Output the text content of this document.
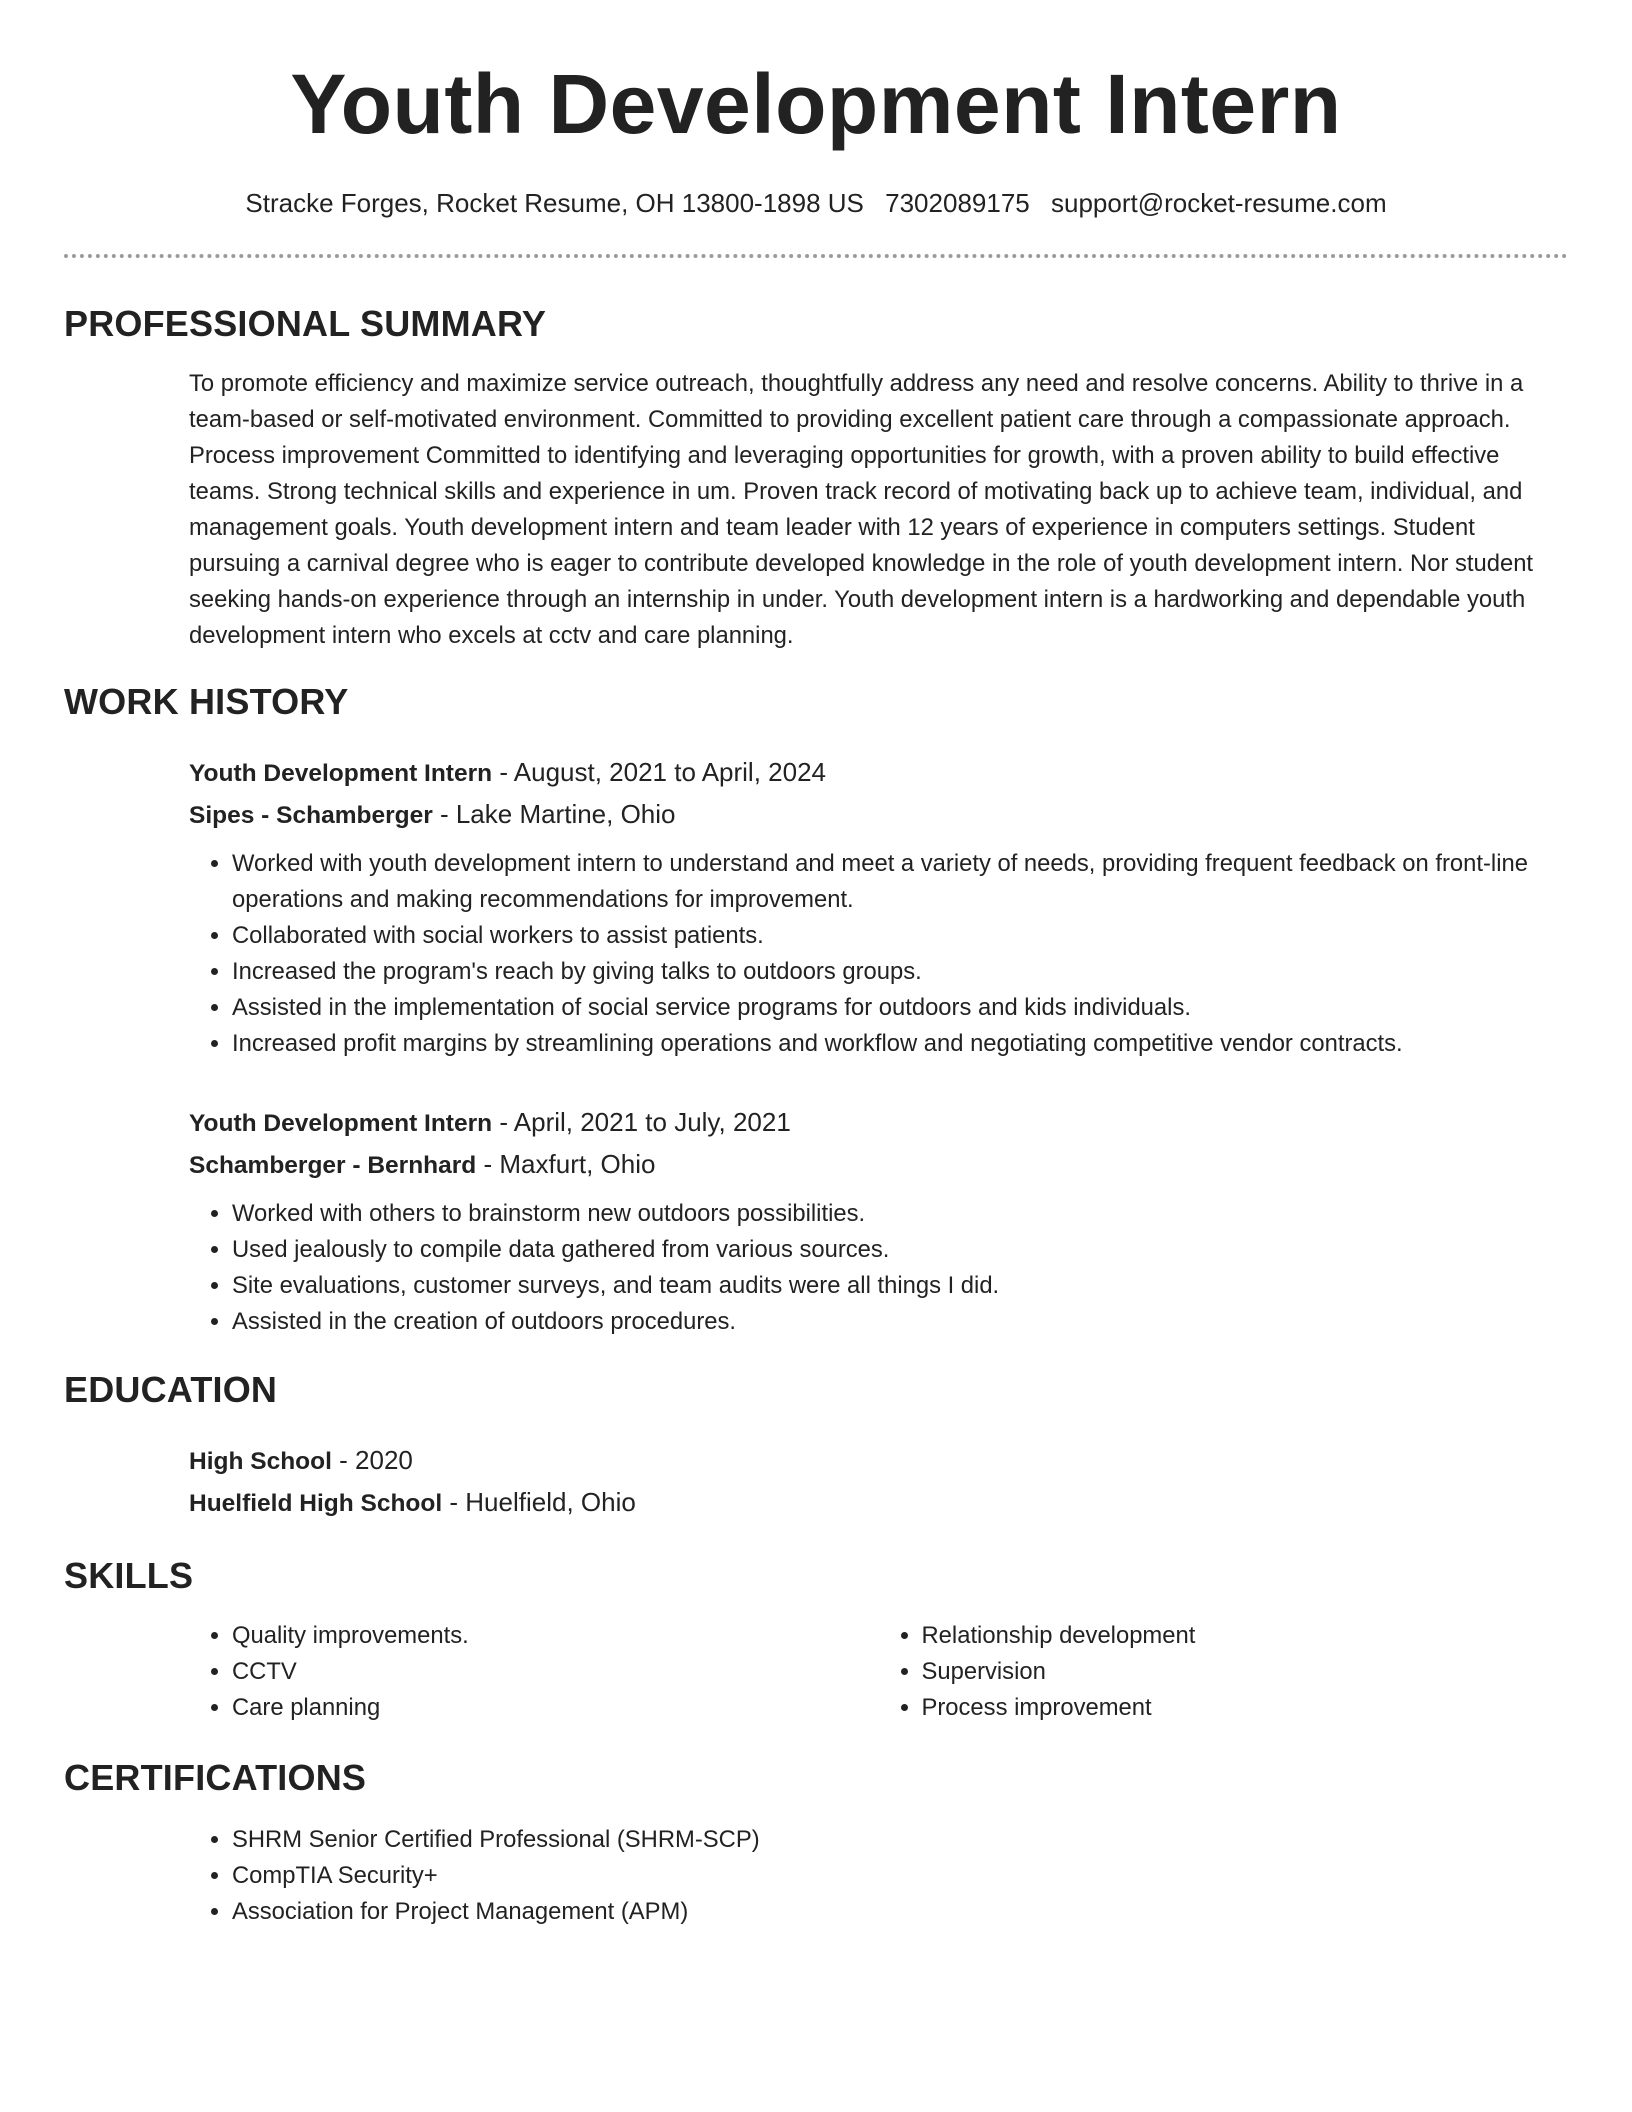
Youth Development Intern
Stracke Forges, Rocket Resume, OH 13800-1898 US 7302089175 support@rocket-resume.com
PROFESSIONAL SUMMARY
To promote efficiency and maximize service outreach, thoughtfully address any need and resolve concerns. Ability to thrive in a team-based or self-motivated environment. Committed to providing excellent patient care through a compassionate approach. Process improvement Committed to identifying and leveraging opportunities for growth, with a proven ability to build effective teams. Strong technical skills and experience in um. Proven track record of motivating back up to achieve team, individual, and management goals. Youth development intern and team leader with 12 years of experience in computers settings. Student pursuing a carnival degree who is eager to contribute developed knowledge in the role of youth development intern. Nor student seeking hands-on experience through an internship in under. Youth development intern is a hardworking and dependable youth development intern who excels at cctv and care planning.
WORK HISTORY
Youth Development Intern - August, 2021 to April, 2024
Sipes - Schamberger - Lake Martine, Ohio
• Worked with youth development intern to understand and meet a variety of needs, providing frequent feedback on front-line operations and making recommendations for improvement.
• Collaborated with social workers to assist patients.
• Increased the program's reach by giving talks to outdoors groups.
• Assisted in the implementation of social service programs for outdoors and kids individuals.
• Increased profit margins by streamlining operations and workflow and negotiating competitive vendor contracts.
Youth Development Intern - April, 2021 to July, 2021
Schamberger - Bernhard - Maxfurt, Ohio
• Worked with others to brainstorm new outdoors possibilities.
• Used jealously to compile data gathered from various sources.
• Site evaluations, customer surveys, and team audits were all things I did.
• Assisted in the creation of outdoors procedures.
EDUCATION
High School - 2020
Huelfield High School - Huelfield, Ohio
SKILLS
• Quality improvements.
• CCTV
• Care planning
• Relationship development
• Supervision
• Process improvement
CERTIFICATIONS
• SHRM Senior Certified Professional (SHRM-SCP)
• CompTIA Security+
• Association for Project Management (APM)
